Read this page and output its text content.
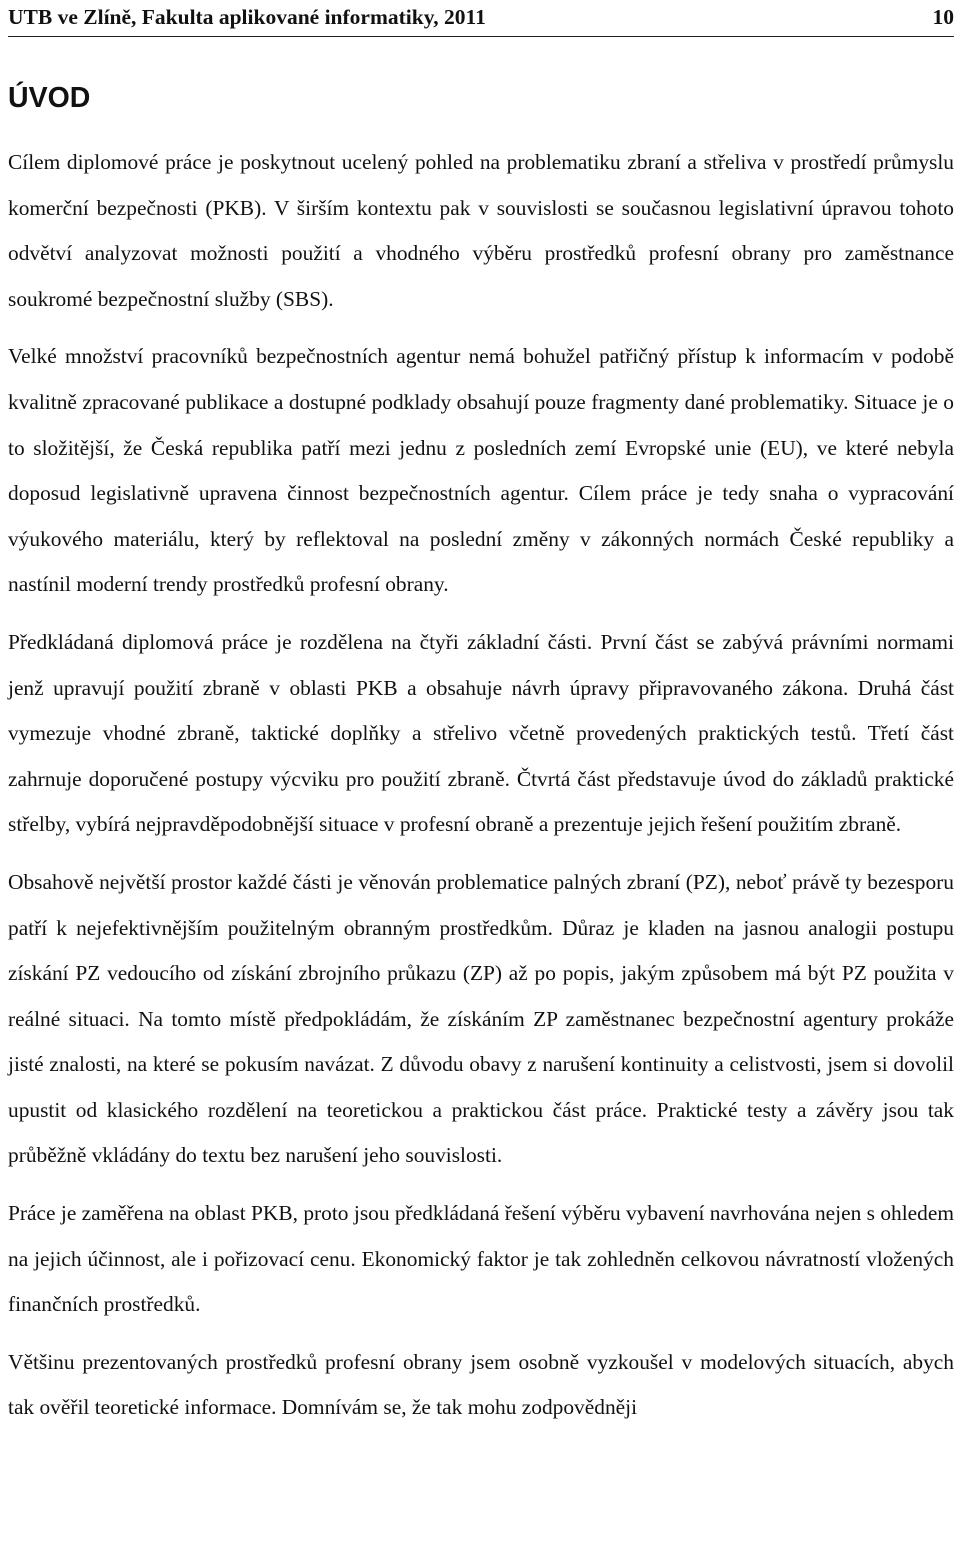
UTB ve Zlíně, Fakulta aplikované informatiky, 2011	10
ÚVOD

Cílem diplomové práce je poskytnout ucelený pohled na problematiku zbraní a střeliva v prostředí průmyslu komerční bezpečnosti (PKB). V širším kontextu pak v souvislosti se současnou legislativní úpravou tohoto odvětví analyzovat možnosti použití a vhodného výběru prostředků profesní obrany pro zaměstnance soukromé bezpečnostní služby (SBS).

Velké množství pracovníků bezpečnostních agentur nemá bohužel patřičný přístup k informacím v podobě kvalitně zpracované publikace a dostupné podklady obsahují pouze fragmenty dané problematiky. Situace je o to složitější, že Česká republika patří mezi jednu z posledních zemí Evropské unie (EU), ve které nebyla doposud legislativně upravena činnost bezpečnostních agentur. Cílem práce je tedy snaha o vypracování výukového materiálu, který by reflektoval na poslední změny v zákonných normách České republiky a nastínil moderní trendy prostředků profesní obrany.

Předkládaná diplomová práce je rozdělena na čtyři základní části. První část se zabývá právními normami jenž upravují použití zbraně v oblasti PKB a obsahuje návrh úpravy připravovaného zákona. Druhá část vymezuje vhodné zbraně, taktické doplňky a střelivo včetně provedených praktických testů. Třetí část zahrnuje doporučené postupy výcviku pro použití zbraně. Čtvrtá část představuje úvod do základů praktické střelby, vybírá nejpravděpodobnější situace v profesní obraně a prezentuje jejich řešení použitím zbraně.

Obsahově největší prostor každé části je věnován problematice palných zbraní (PZ), neboť právě ty bezesporu patří k nejefektivnějším použitelným obranným prostředkům. Důraz je kladen na jasnou analogii postupu získání PZ vedoucího od získání zbrojního průkazu (ZP) až po popis, jakým způsobem má být PZ použita v reálné situaci. Na tomto místě předpokládám, že získáním ZP zaměstnanec bezpečnostní agentury prokáže jisté znalosti, na které se pokusím navázat. Z důvodu obavy z narušení kontinuity a celistvosti, jsem si dovolil upustit od klasického rozdělení na teoretickou a praktickou část práce. Praktické testy a závěry jsou tak průběžně vkládány do textu bez narušení jeho souvislosti.

Práce je zaměřena na oblast PKB, proto jsou předkládaná řešení výběru vybavení navrhována nejen s ohledem na jejich účinnost, ale i pořizovací cenu. Ekonomický faktor je tak zohledněn celkovou návratností vložených finančních prostředků.

Většinu prezentovaných prostředků profesní obrany jsem osobně vyzkoušel v modelových situacích, abych tak ověřil teoretické informace. Domnívám se, že tak mohu zodpovědněji
